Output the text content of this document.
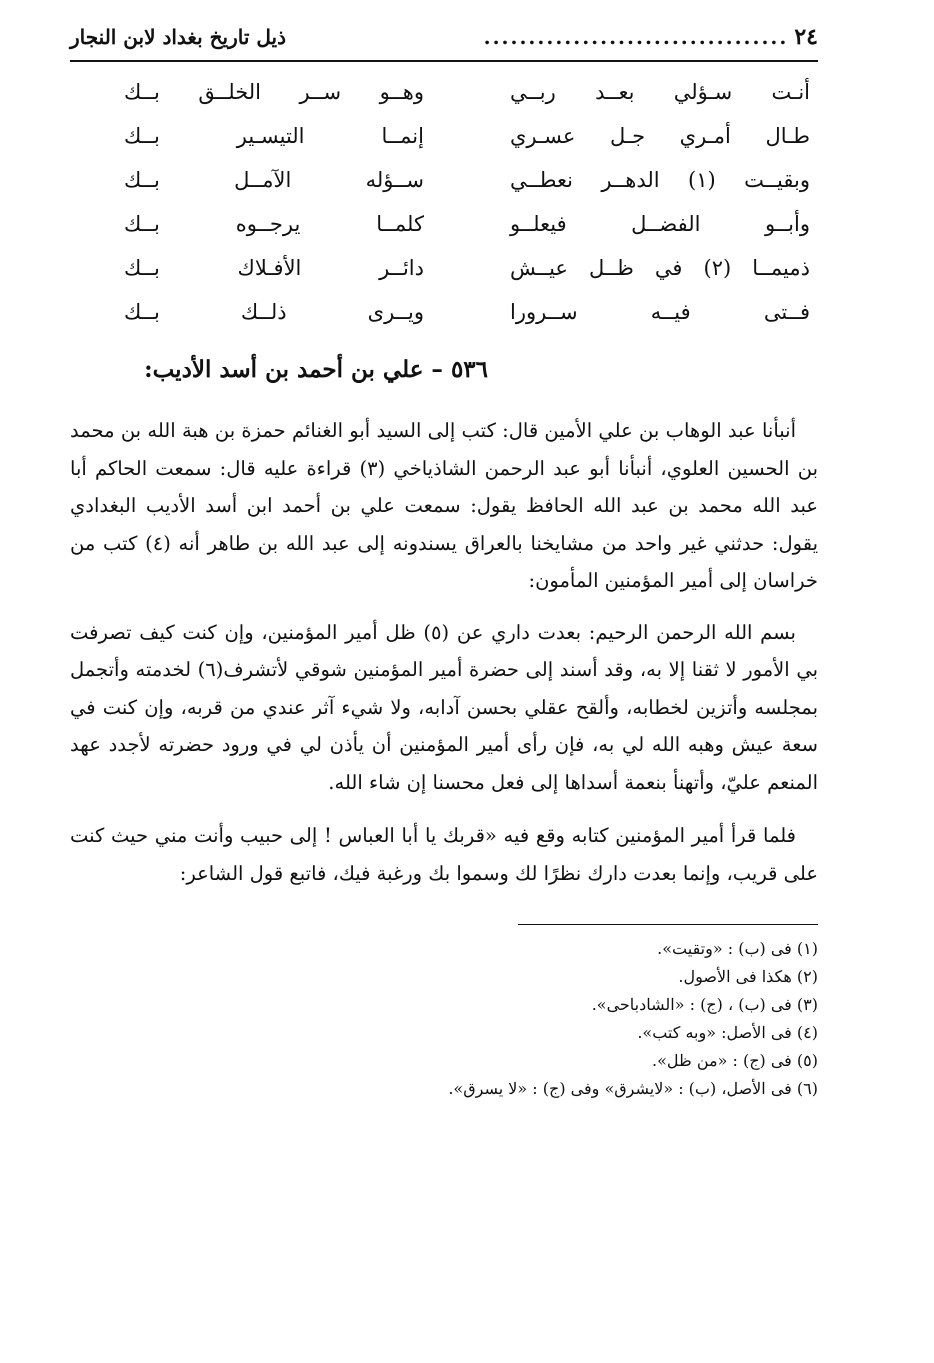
٢٤
..................................
ذيل تاريخ بغداد لابن النجار
أنـت سـؤلي بعــد ربــي
وهــو ســر الخلــق بــك
طـال أمـري جـل عسـري
إنمــا التيسـير بــك
وبقيــت (١) الدهــر نعطــي
ســؤله الآمــل بــك
وأبــو الفضــل فيعلــو
كلمــا يرجــوه بــك
ذميمــا (٢) في ظــل عيــش
دائــر الأفـلاك بــك
فــتى فيــه ســرورا
ويــرى ذلــك بــك
٥٣٦ – علي بن أحمد بن أسد الأديب:

أنبأنا عبد الوهاب بن علي الأمين قال: كتب إلى السيد أبو الغنائم حمزة بن هبة الله بن محمد بن الحسين العلوي، أنبأنا أبو عبد الرحمن الشاذياخي (٣) قراءة عليه قال: سمعت الحاكم أبا عبد الله محمد بن عبد الله الحافظ يقول: سمعت علي بن أحمد ابن أسد الأديب البغدادي يقول: حدثني غير واحد من مشايخنا بالعراق يسندونه إلى عبد الله بن طاهر أنه (٤) كتب من خراسان إلى أمير المؤمنين المأمون:

بسم الله الرحمن الرحيم: بعدت داري عن (٥) ظل أمير المؤمنين، وإن كنت كيف تصرفت بي الأمور لا ثقنا إلا به، وقد أسند إلى حضرة أمير المؤمنين شوقي لأتشرف(٦) لخدمته وأتجمل بمجلسه وأتزين لخطابه، وألقح عقلي بحسن آدابه، ولا شيء آثر عندي من قربه، وإن كنت في سعة عيش وهبه الله لي به، فإن رأى أمير المؤمنين أن يأذن لي في ورود حضرته لأجدد عهد المنعم عليّ، وأتهنأ بنعمة أسداها إلى فعل محسنا إن شاء الله.

فلما قرأ أمير المؤمنين كتابه وقع فيه «قربك يا أبا العباس ! إلى حبيب وأنت مني حيث كنت على قريب، وإنما بعدت دارك نظرًا لك وسموا بك ورغبة فيك، فاتبع قول الشاعر:

(١) فى (ب) : «وتقيت».
(٢) هكذا فى الأصول.
(٣) فى (ب) ، (ج) : «الشادباحى».
(٤) فى الأصل: «وبه كتب».
(٥) فى (ج) : «من ظل».
(٦) فى الأصل، (ب) : «لايشرق» وفى (ج) : «لا يسرق».
